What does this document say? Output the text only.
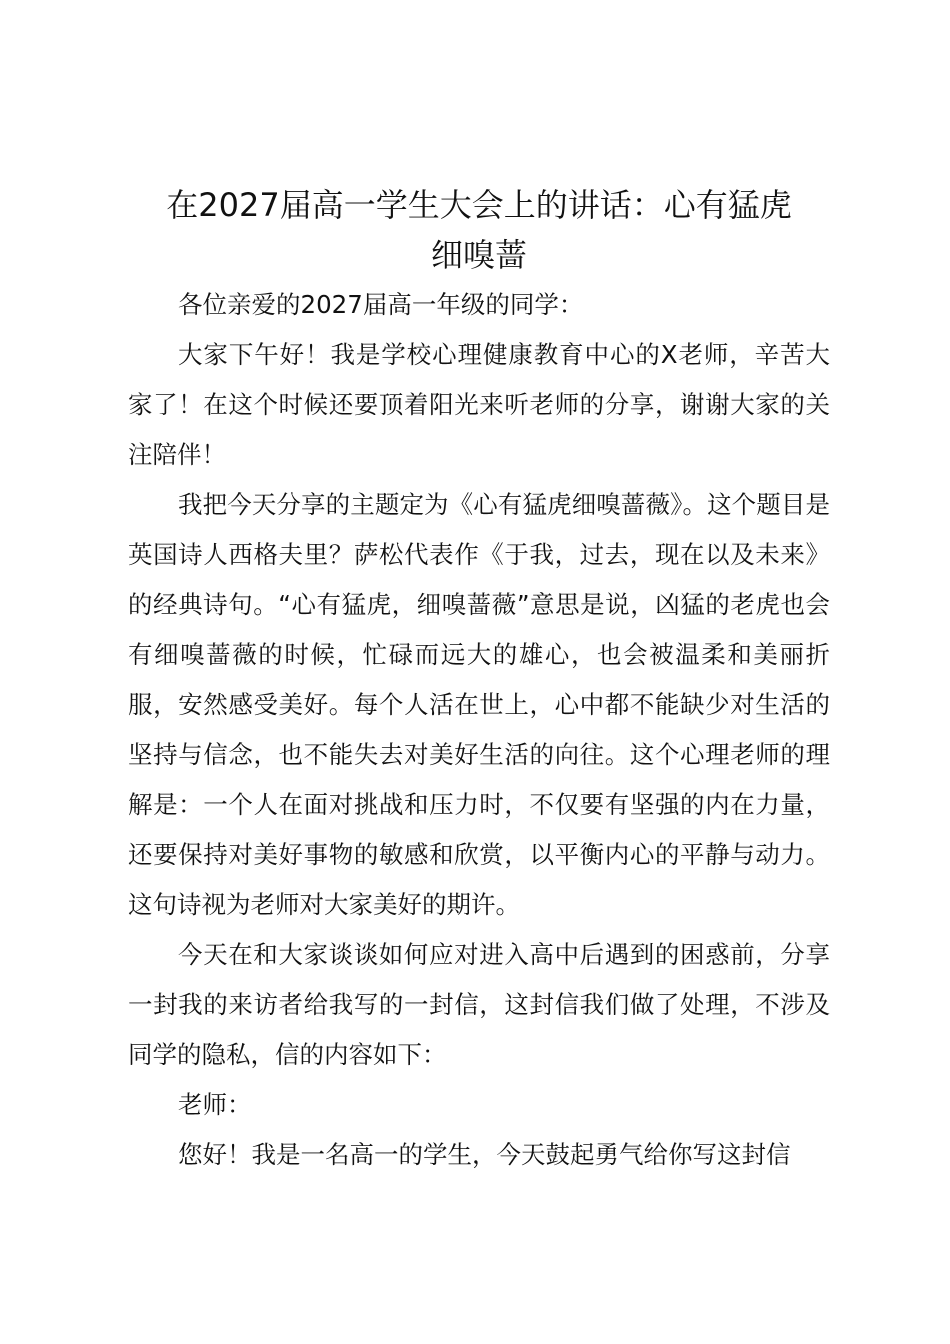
在2027届高一学生大会上的讲话：心有猛虎
细嗅蔷

各位亲爱的2027届高一年级的同学：

大家下午好！我是学校心理健康教育中心的X老师，辛苦大家了！在这个时候还要顶着阳光来听老师的分享，谢谢大家的关注陪伴！

我把今天分享的主题定为《心有猛虎细嗅蔷薇》。这个题目是英国诗人西格夫里？萨松代表作《于我，过去，现在以及未来》的经典诗句。“心有猛虎，细嗅蔷薇”意思是说，凶猛的老虎也会有细嗅蔷薇的时候，忙碌而远大的雄心，也会被温柔和美丽折服，安然感受美好。每个人活在世上，心中都不能缺少对生活的坚持与信念，也不能失去对美好生活的向往。这个心理老师的理解是：一个人在面对挑战和压力时，不仅要有坚强的内在力量，还要保持对美好事物的敏感和欣赏，以平衡内心的平静与动力。这句诗视为老师对大家美好的期许。

今天在和大家谈谈如何应对进入高中后遇到的困惑前，分享一封我的来访者给我写的一封信，这封信我们做了处理，不涉及同学的隐私，信的内容如下：

老师：

您好！我是一名高一的学生，今天鼓起勇气给你写这封信
